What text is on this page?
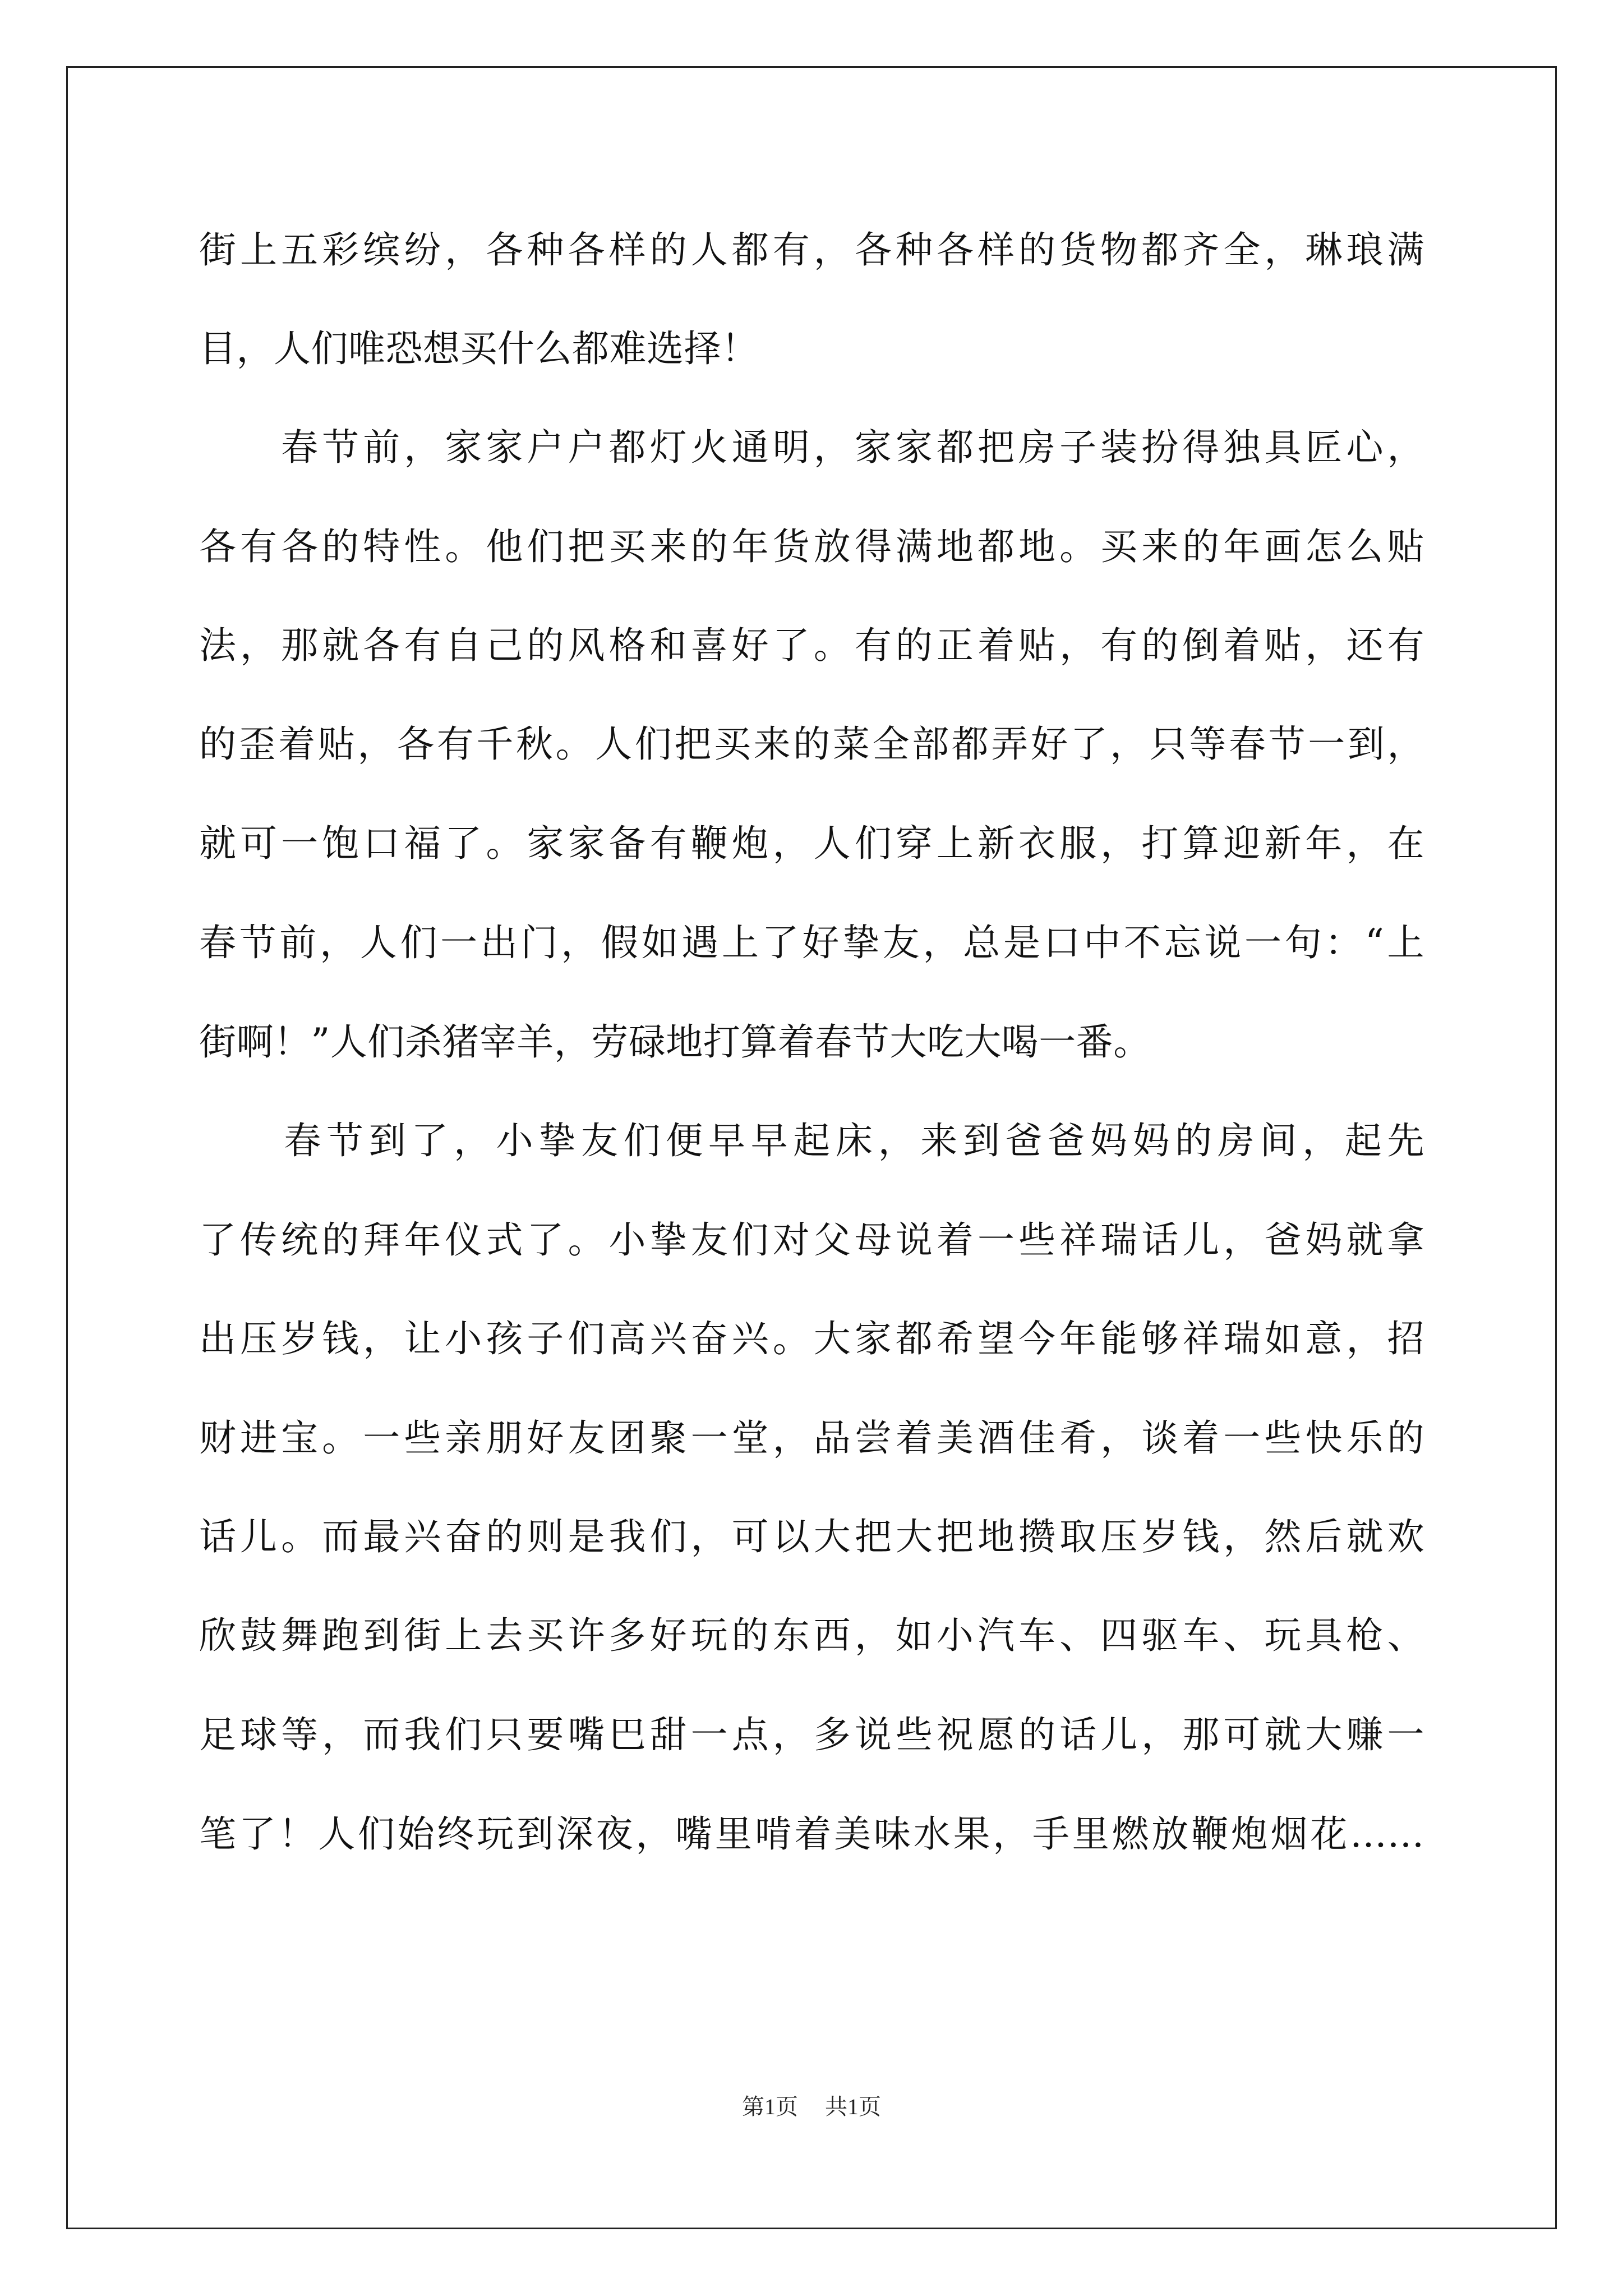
街上五彩缤纷，各种各样的人都有，各种各样的货物都齐全，琳琅满
目，人们唯恐想买什么都难选择！
　　春节前，家家户户都灯火通明，家家都把房子装扮得独具匠心，
各有各的特性。他们把买来的年货放得满地都地。买来的年画怎么贴
法，那就各有自己的风格和喜好了。有的正着贴，有的倒着贴，还有
的歪着贴，各有千秋。人们把买来的菜全部都弄好了，只等春节一到，
就可一饱口福了。家家备有鞭炮，人们穿上新衣服，打算迎新年，在
春节前，人们一出门，假如遇上了好挚友，总是口中不忘说一句：“上
街啊！”人们杀猪宰羊，劳碌地打算着春节大吃大喝一番。
　　春节到了，小挚友们便早早起床，来到爸爸妈妈的房间，起先
了传统的拜年仪式了。小挚友们对父母说着一些祥瑞话儿，爸妈就拿
出压岁钱，让小孩子们高兴奋兴。大家都希望今年能够祥瑞如意，招
财进宝。一些亲朋好友团聚一堂，品尝着美酒佳肴，谈着一些快乐的
话儿。而最兴奋的则是我们，可以大把大把地攒取压岁钱，然后就欢
欣鼓舞跑到街上去买许多好玩的东西，如小汽车、四驱车、玩具枪、
足球等，而我们只要嘴巴甜一点，多说些祝愿的话儿，那可就大赚一
笔了！人们始终玩到深夜，嘴里啃着美味水果，手里燃放鞭炮烟花……
第1页 共1页
